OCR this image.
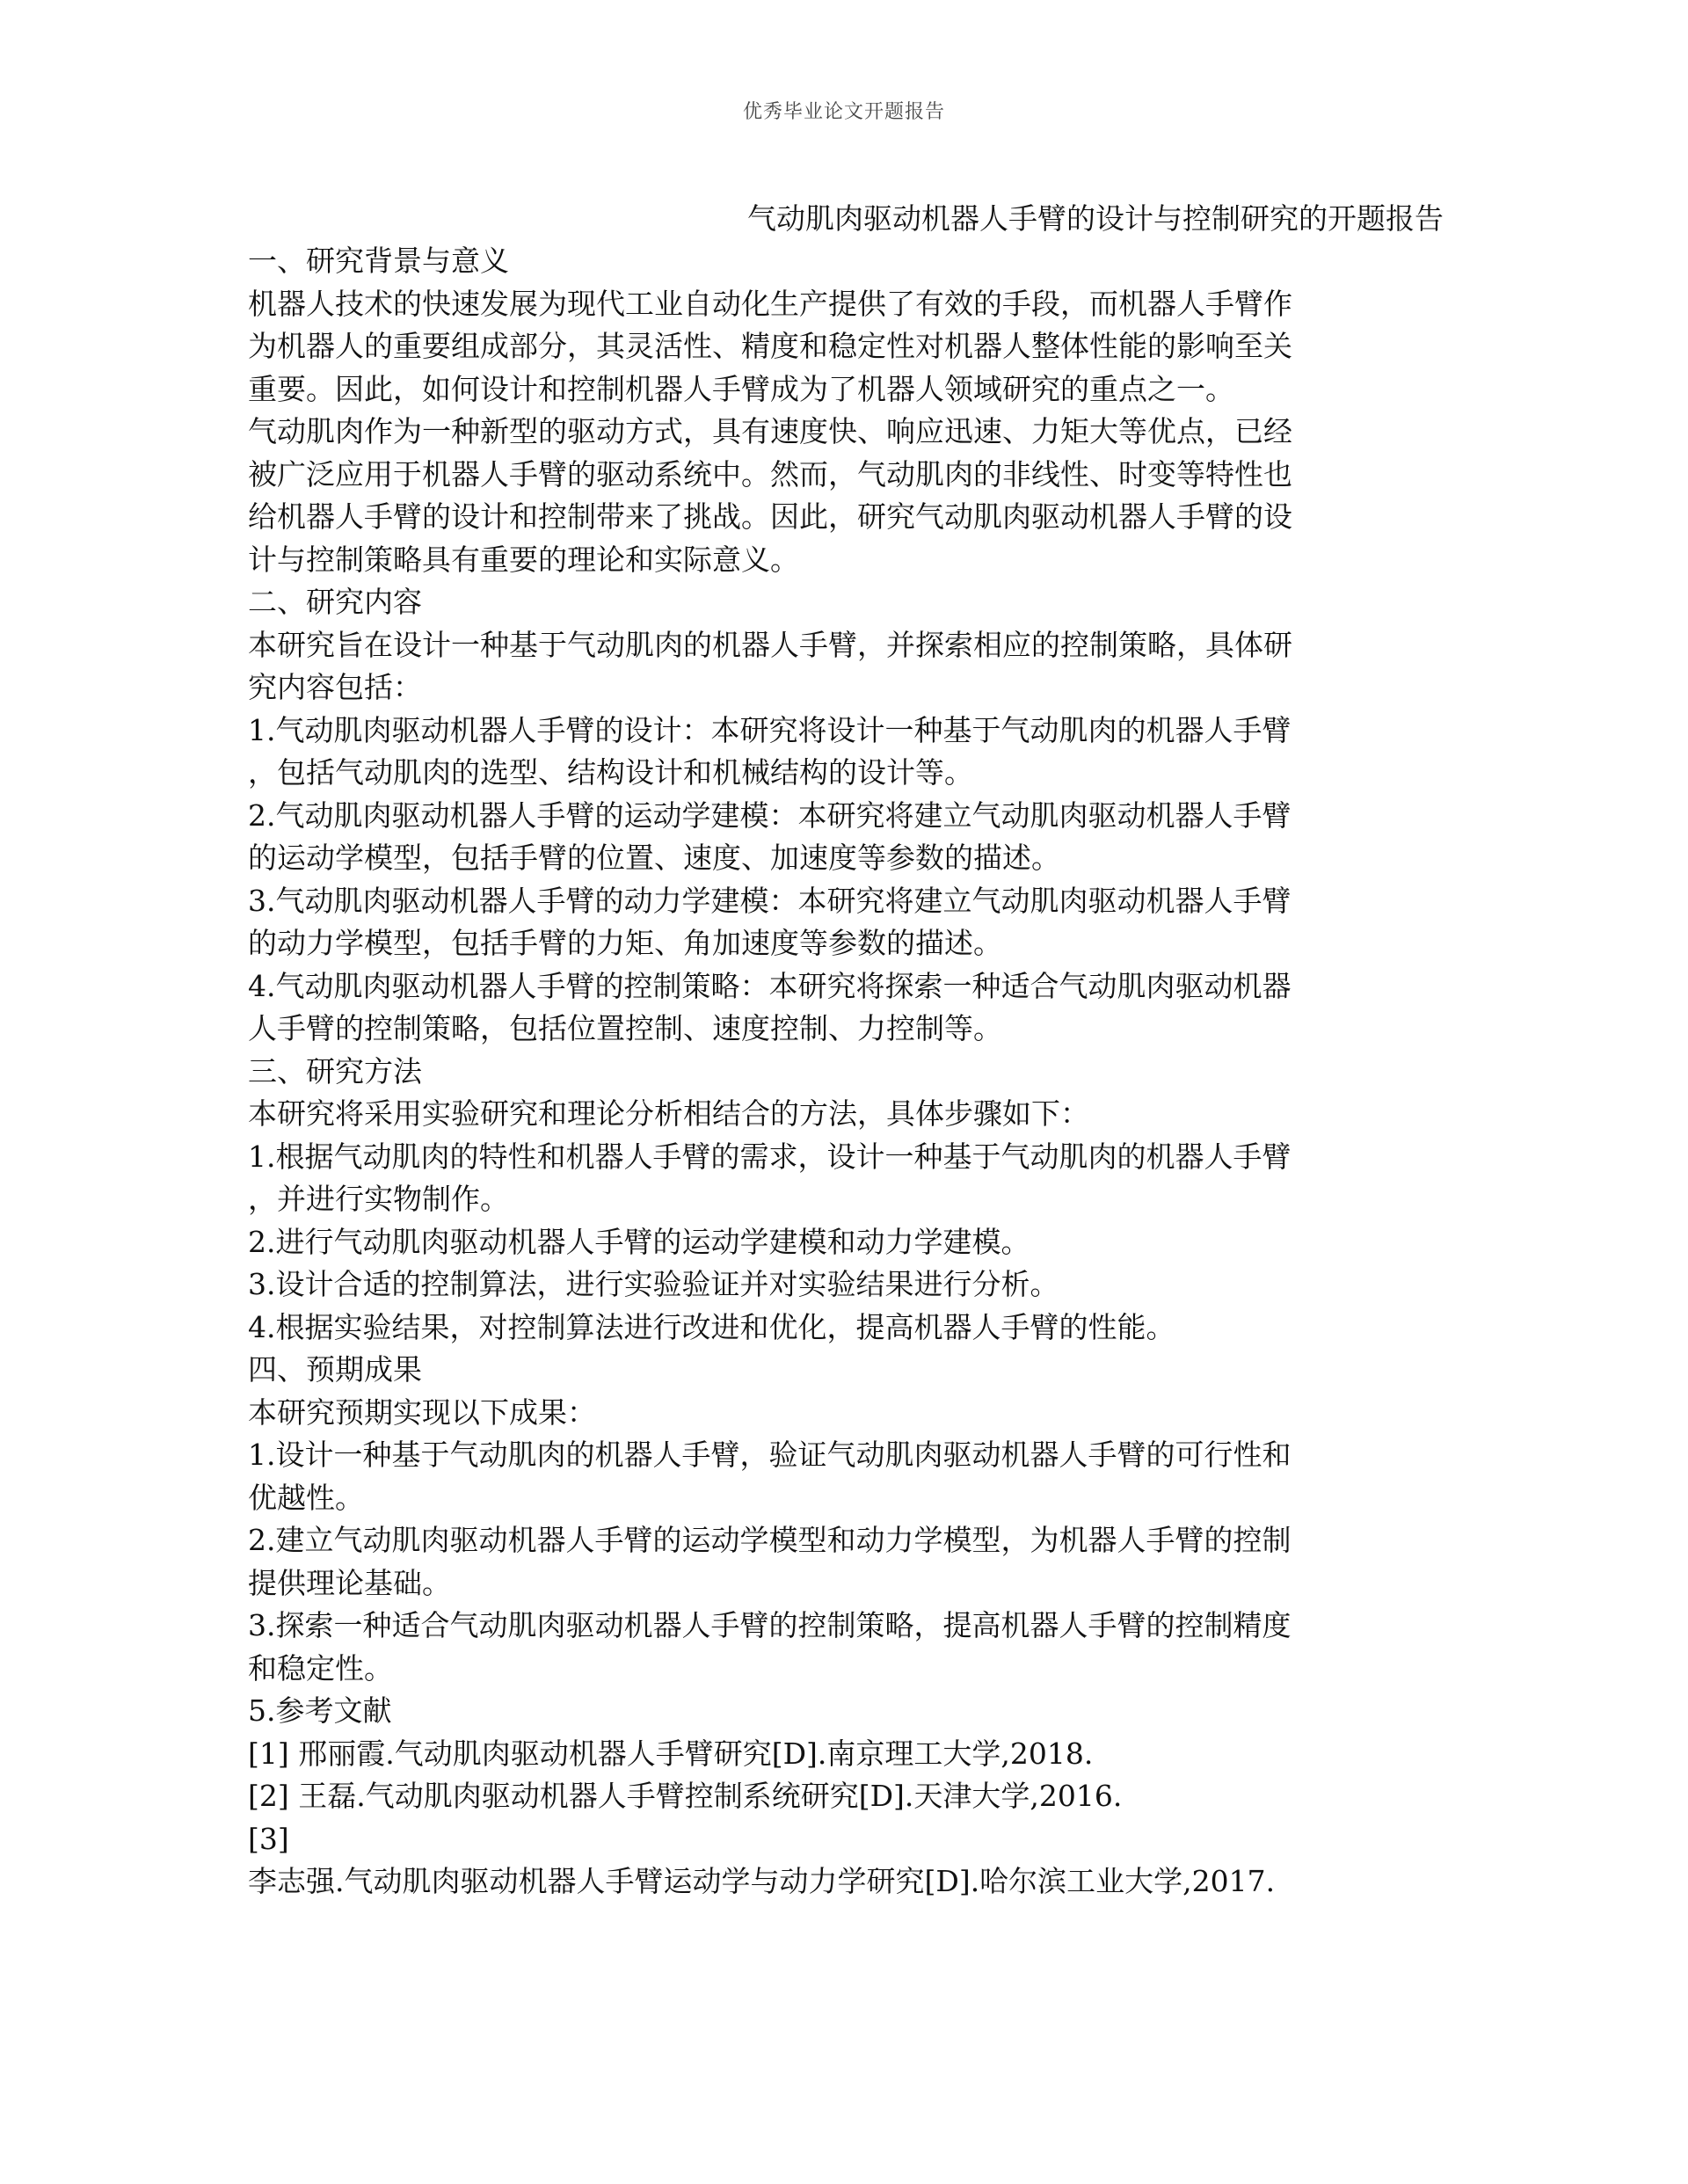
优秀毕业论文开题报告
气动肌肉驱动机器人手臂的设计与控制研究的开题报告

一、研究背景与意义

机器人技术的快速发展为现代工业自动化生产提供了有效的手段，而机器人手臂作

为机器人的重要组成部分，其灵活性、精度和稳定性对机器人整体性能的影响至关

重要。因此，如何设计和控制机器人手臂成为了机器人领域研究的重点之一。

气动肌肉作为一种新型的驱动方式，具有速度快、响应迅速、力矩大等优点，已经

被广泛应用于机器人手臂的驱动系统中。然而，气动肌肉的非线性、时变等特性也

给机器人手臂的设计和控制带来了挑战。因此，研究气动肌肉驱动机器人手臂的设

计与控制策略具有重要的理论和实际意义。

二、研究内容

本研究旨在设计一种基于气动肌肉的机器人手臂，并探索相应的控制策略，具体研

究内容包括：

1.气动肌肉驱动机器人手臂的设计：本研究将设计一种基于气动肌肉的机器人手臂

，包括气动肌肉的选型、结构设计和机械结构的设计等。

2.气动肌肉驱动机器人手臂的运动学建模：本研究将建立气动肌肉驱动机器人手臂

的运动学模型，包括手臂的位置、速度、加速度等参数的描述。

3.气动肌肉驱动机器人手臂的动力学建模：本研究将建立气动肌肉驱动机器人手臂

的动力学模型，包括手臂的力矩、角加速度等参数的描述。

4.气动肌肉驱动机器人手臂的控制策略：本研究将探索一种适合气动肌肉驱动机器

人手臂的控制策略，包括位置控制、速度控制、力控制等。

三、研究方法

本研究将采用实验研究和理论分析相结合的方法，具体步骤如下：

1.根据气动肌肉的特性和机器人手臂的需求，设计一种基于气动肌肉的机器人手臂

，并进行实物制作。

2.进行气动肌肉驱动机器人手臂的运动学建模和动力学建模。

3.设计合适的控制算法，进行实验验证并对实验结果进行分析。

4.根据实验结果，对控制算法进行改进和优化，提高机器人手臂的性能。

四、预期成果

本研究预期实现以下成果：

1.设计一种基于气动肌肉的机器人手臂，验证气动肌肉驱动机器人手臂的可行性和

优越性。

2.建立气动肌肉驱动机器人手臂的运动学模型和动力学模型，为机器人手臂的控制

提供理论基础。

3.探索一种适合气动肌肉驱动机器人手臂的控制策略，提高机器人手臂的控制精度

和稳定性。

5.参考文献

[1] 邢丽霞.气动肌肉驱动机器人手臂研究[D].南京理工大学,2018.

[2] 王磊.气动肌肉驱动机器人手臂控制系统研究[D].天津大学,2016.

[3]

李志强.气动肌肉驱动机器人手臂运动学与动力学研究[D].哈尔滨工业大学,2017.
